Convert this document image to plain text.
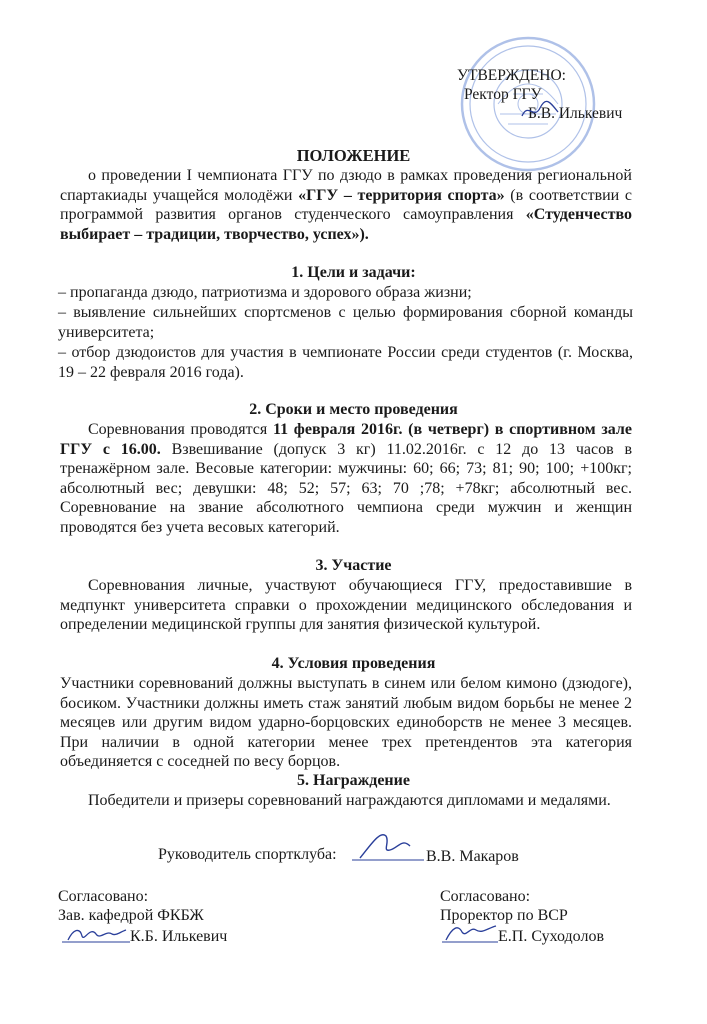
УТВЕРЖДЕНО:
Ректор ГГУ
Б.В. Илькевич
ПОЛОЖЕНИЕ
о проведении I чемпионата ГГУ по дзюдо в рамках проведения региональной спартакиады учащейся молодёжи «ГГУ – территория спорта» (в соответствии с программой развития органов студенческого самоуправления «Студенчество выбирает – традиции, творчество, успех»).
1. Цели и задачи:
– пропаганда дзюдо, патриотизма и здорового образа жизни;
– выявление сильнейших спортсменов с целью формирования сборной команды университета;
– отбор дзюдоистов для участия в чемпионате России среди студентов (г. Москва, 19 – 22 февраля 2016 года).
2. Сроки и место проведения
Соревнования проводятся 11 февраля 2016г. (в четверг) в спортивном зале ГГУ с 16.00. Взвешивание (допуск 3 кг) 11.02.2016г. с 12 до 13 часов в тренажёрном зале. Весовые категории: мужчины: 60; 66; 73; 81; 90; 100; +100кг; абсолютный вес; девушки: 48; 52; 57; 63; 70 ;78; +78кг; абсолютный вес. Соревнование на звание абсолютного чемпиона среди мужчин и женщин проводятся без учета весовых категорий.
3. Участие
Соревнования личные, участвуют обучающиеся ГГУ, предоставившие в медпункт университета справки о прохождении медицинского обследования и определении медицинской группы для занятия физической культурой.
4. Условия проведения
Участники соревнований должны выступать в синем или белом кимоно (дзюдоге), босиком. Участники должны иметь стаж занятий любым видом борьбы не менее 2 месяцев или другим видом ударно-борцовских единоборств не менее 3 месяцев. При наличии в одной категории менее трех претендентов эта категория объединяется с соседней по весу борцов.
5. Награждение
Победители и призеры соревнований награждаются дипломами и медалями.
Руководитель спортклуба:	В.В. Макаров
Согласовано:
Зав. кафедрой ФКБЖ
К.Б. Илькевич
Согласовано:
Проректор по ВСР
Е.П. Суходолов
